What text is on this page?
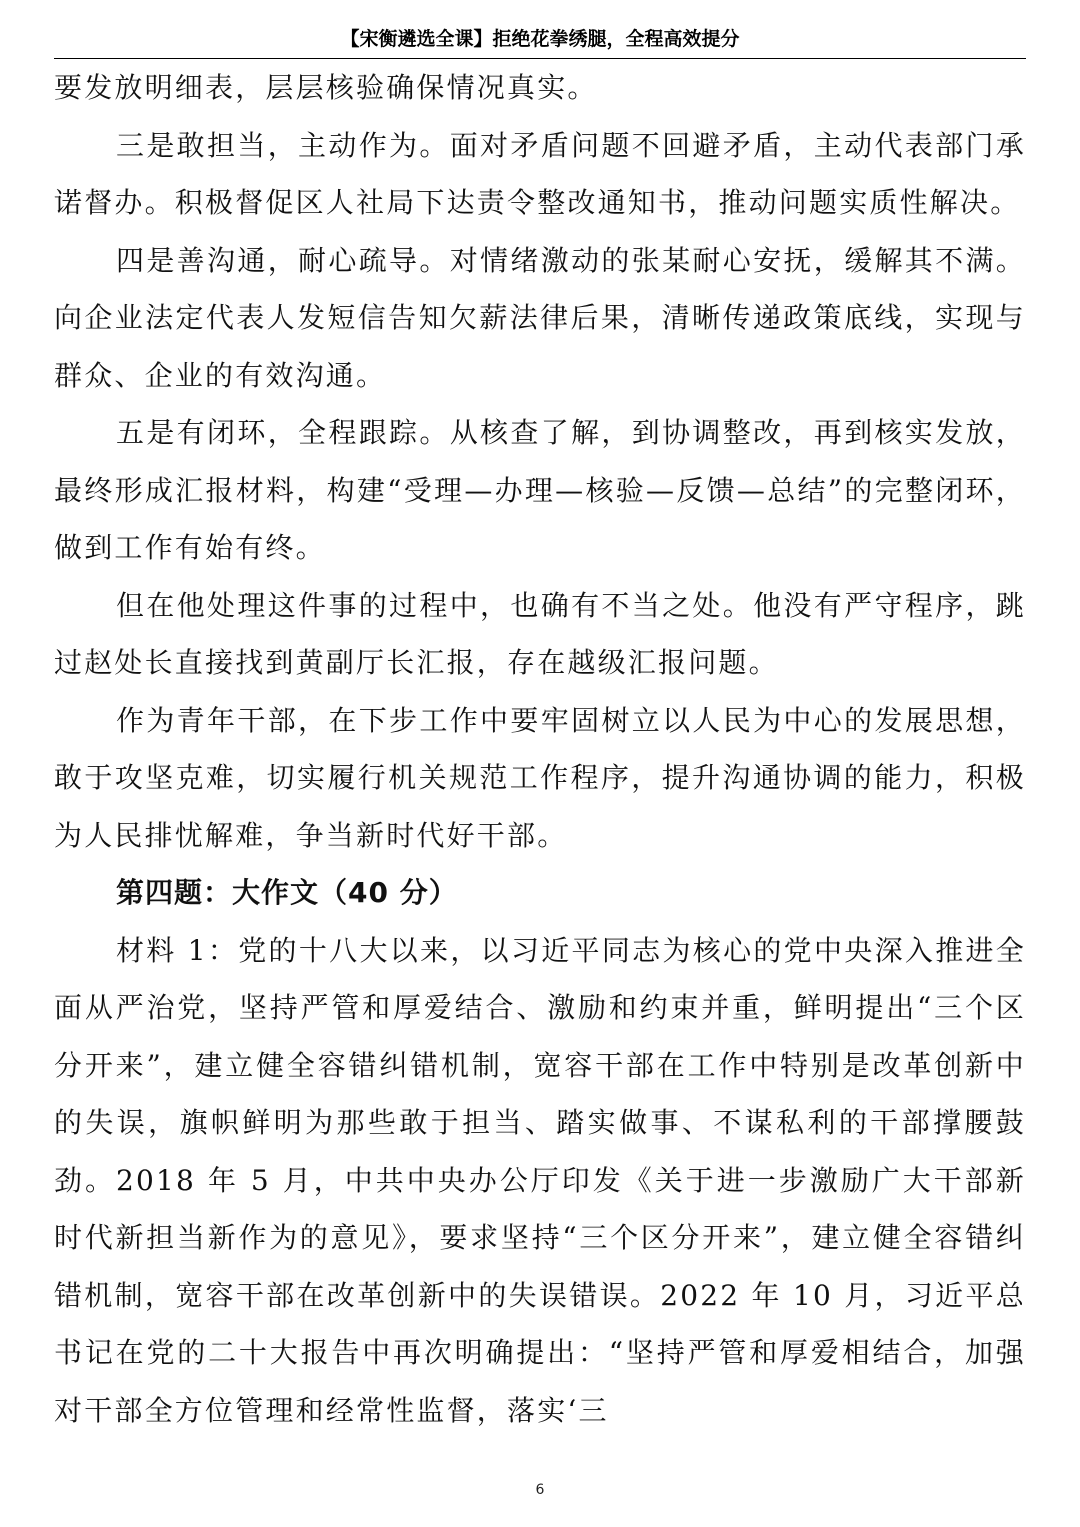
【宋衡遴选全课】拒绝花拳绣腿，全程高效提分

要发放明细表，层层核验确保情况真实。

三是敢担当，主动作为。面对矛盾问题不回避矛盾，主动代表部门承诺督办。积极督促区人社局下达责令整改通知书，推动问题实质性解决。

四是善沟通，耐心疏导。对情绪激动的张某耐心安抚，缓解其不满。向企业法定代表人发短信告知欠薪法律后果，清晰传递政策底线，实现与群众、企业的有效沟通。

五是有闭环，全程跟踪。从核查了解，到协调整改，再到核实发放，最终形成汇报材料，构建“受理—办理—核验—反馈—总结”的完整闭环，做到工作有始有终。

但在他处理这件事的过程中，也确有不当之处。他没有严守程序，跳过赵处长直接找到黄副厅长汇报，存在越级汇报问题。

作为青年干部，在下步工作中要牢固树立以人民为中心的发展思想，敢于攻坚克难，切实履行机关规范工作程序，提升沟通协调的能力，积极为人民排忧解难，争当新时代好干部。

第四题：大作文（40 分）

材料 1：党的十八大以来，以习近平同志为核心的党中央深入推进全面从严治党，坚持严管和厚爱结合、激励和约束并重，鲜明提出“三个区分开来”，建立健全容错纠错机制，宽容干部在工作中特别是改革创新中的失误，旗帜鲜明为那些敢于担当、踏实做事、不谋私利的干部撑腰鼓劲。2018 年 5 月，中共中央办公厅印发《关于进一步激励广大干部新时代新担当新作为的意见》，要求坚持“三个区分开来”，建立健全容错纠错机制，宽容干部在改革创新中的失误错误。2022 年 10 月，习近平总书记在党的二十大报告中再次明确提出：“坚持严管和厚爱相结合，加强对干部全方位管理和经常性监督，落实‘三

6
